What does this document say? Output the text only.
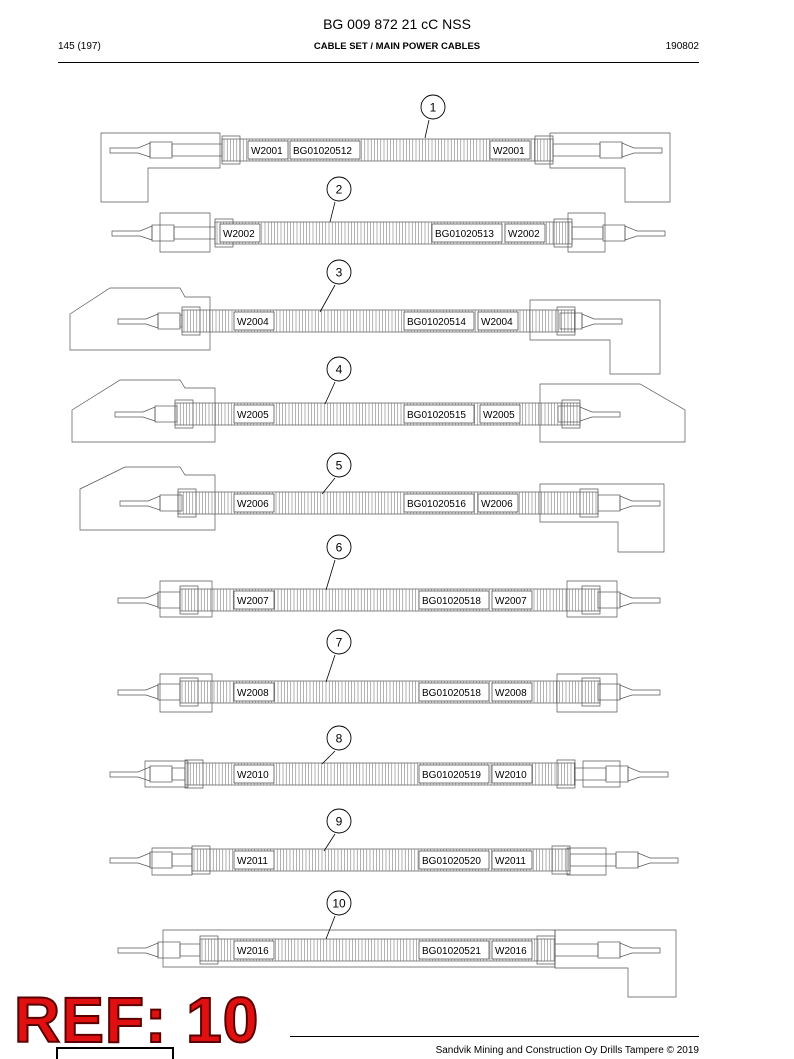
BG 009 872 21 cC NSS
145 (197)	CABLE SET / MAIN POWER CABLES	190802
W2001 BG01020512	W2001
1
W2002	BG01020513 W2002
2
W2004	BG01020514 W2004
3
W2005	BG01020515 W2005
4
W2006	BG01020516 W2006
5
W2007	BG01020518 W2007
6
W2008	BG01020518 W2008
7
W2010	BG01020519 W2010
8
W2011	BG01020520 W2011
9
W2016	BG01020521 W2016
10
Sandvik Mining and Construction Oy Drills Tampere © 2019
REF: 10
